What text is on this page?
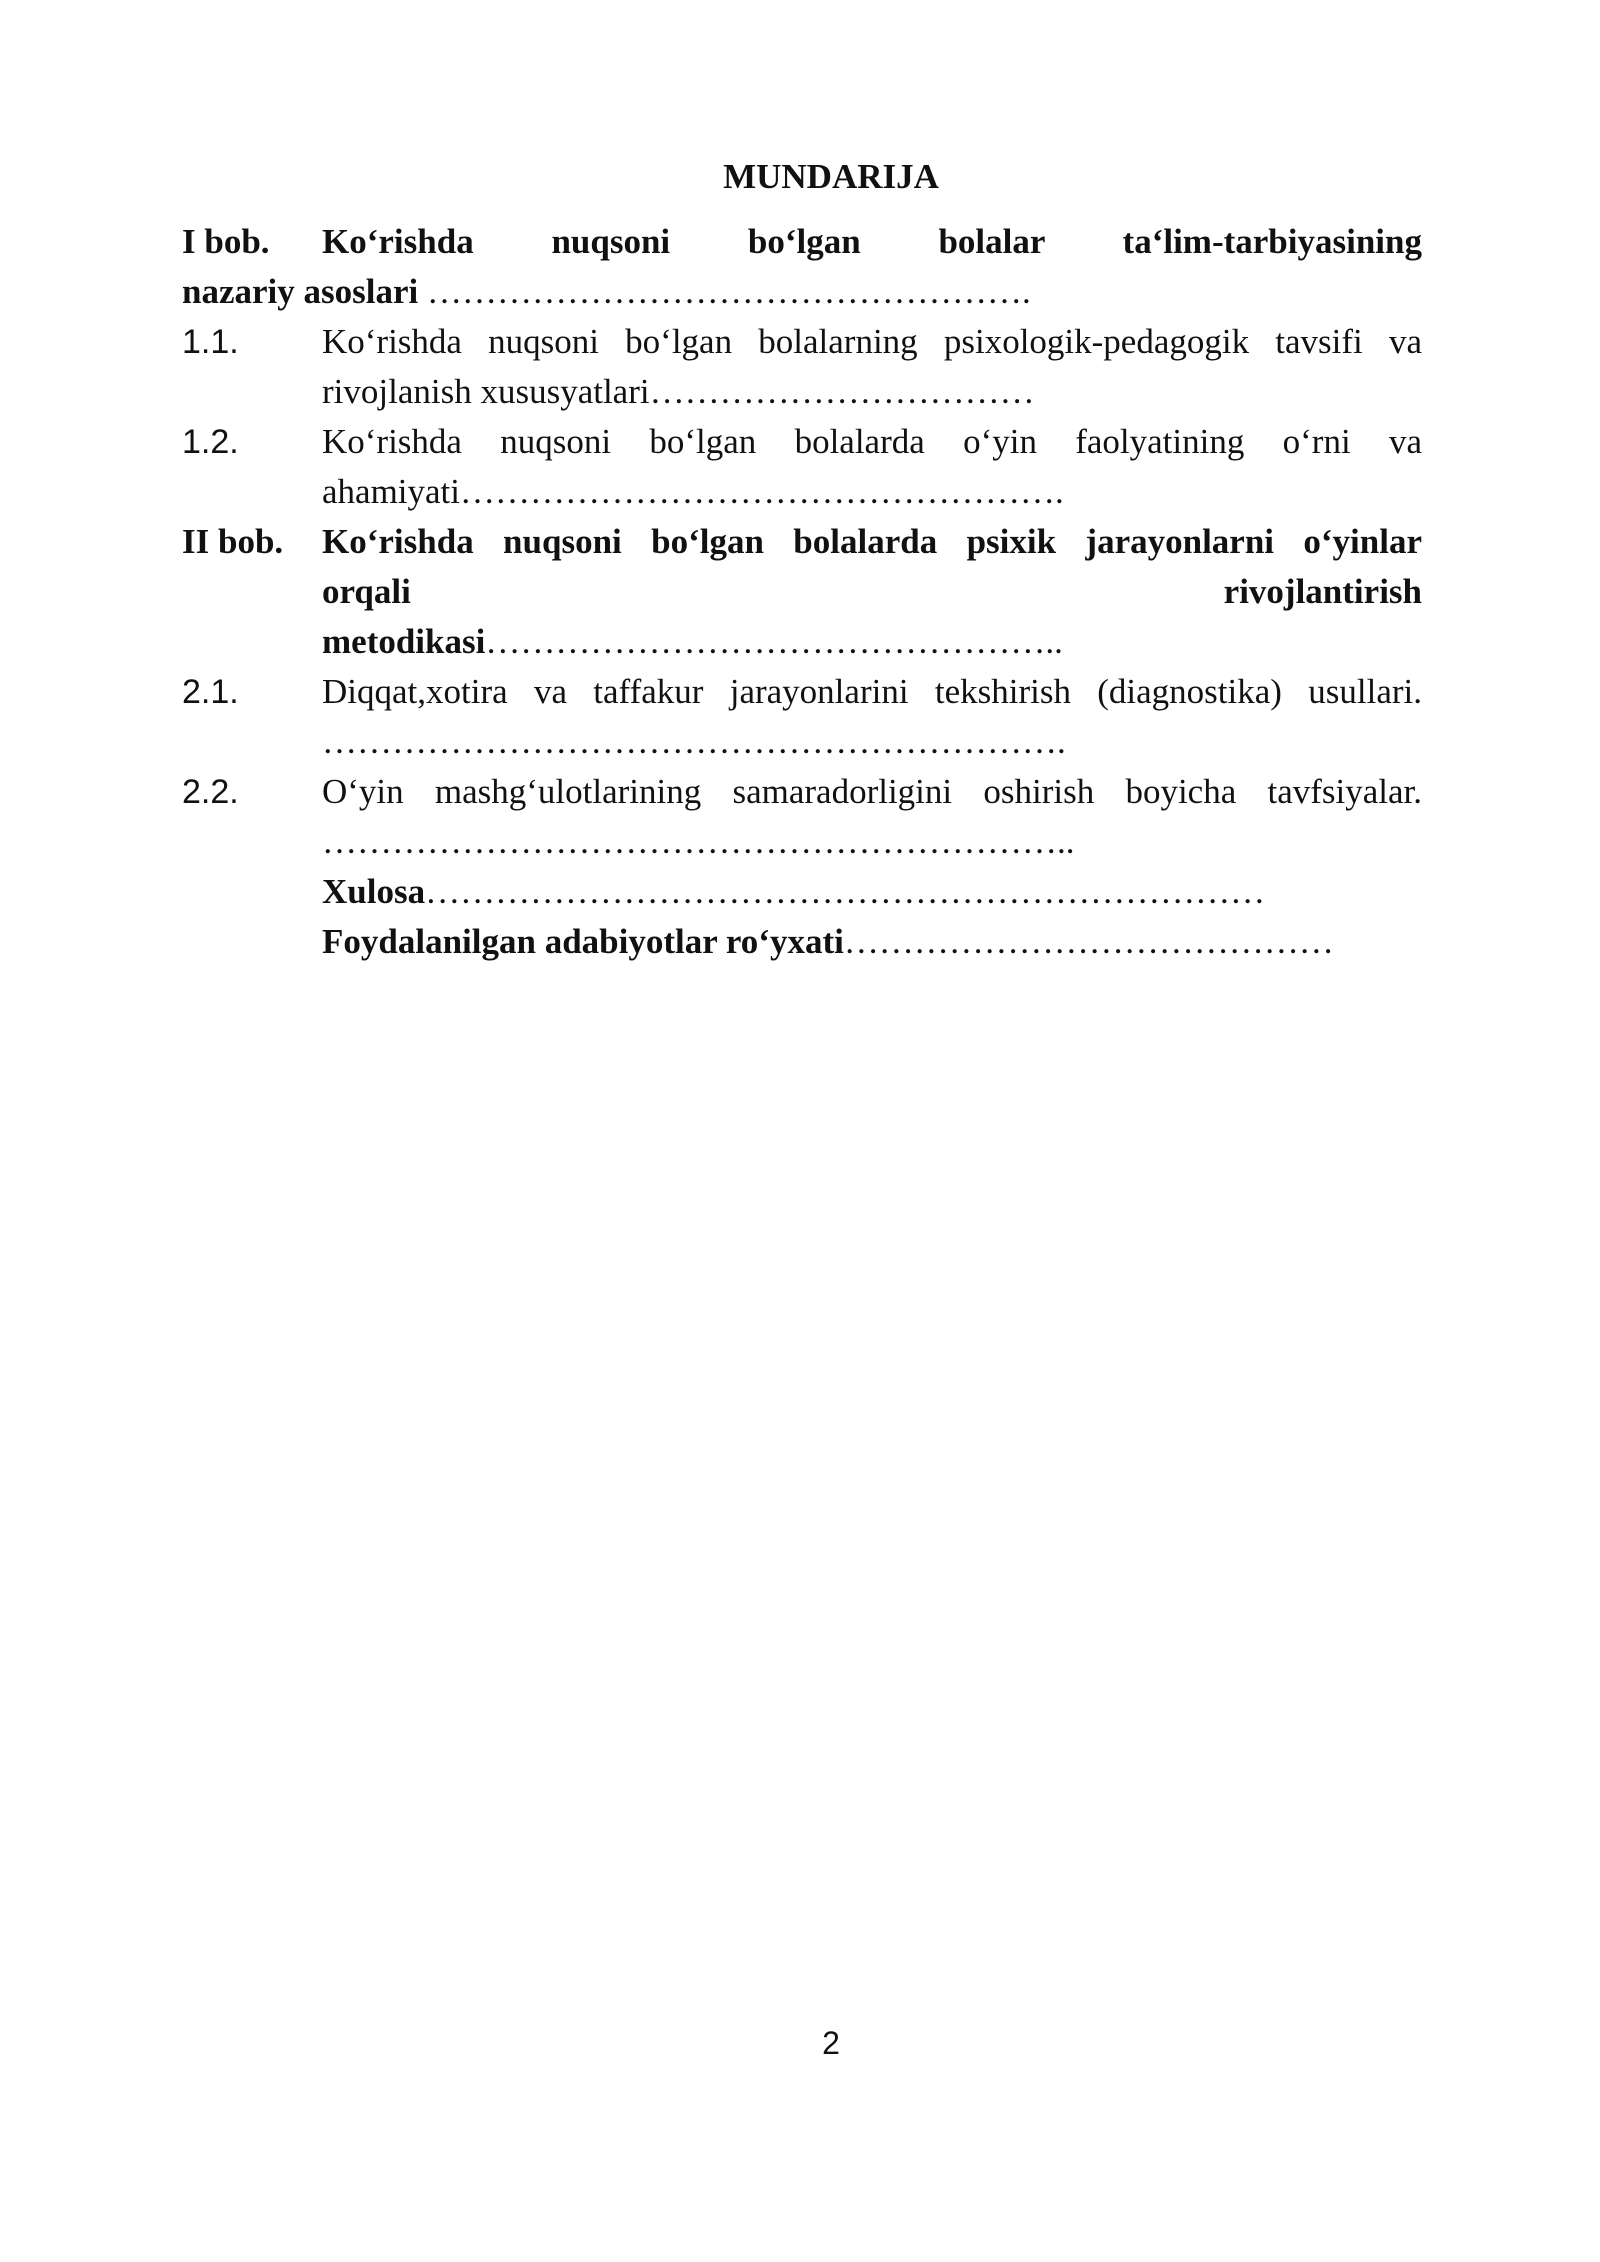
MUNDARIJA
I bob.	Ko‘rishda nuqsoni bo‘lgan bolalar ta‘lim-tarbiyasining
nazariy asoslari …………………………………………….
1.1.	Ko‘rishda nuqsoni bo‘lgan bolalarning psixologik-pedagogik tavsifi va
rivojlanish xususyatlari……………………………
1.2.	Ko‘rishda nuqsoni bo‘lgan bolalarda o‘yin faolyatining o‘rni va
ahamiyati…………………………………………….
II bob.	Ko‘rishda nuqsoni bo‘lgan bolalarda psixik jarayonlarni o‘yinlar
orqali	rivojlantirish
metodikasi…………………………………………..
2.1.	Diqqat,xotira va taffakur jarayonlarini tekshirish (diagnostika) usullari.
……………………………………………………….
2.2.	O‘yin mashg‘ulotlarining samaradorligini oshirish boyicha tavfsiyalar.
………………………………………………………..
Xulosa………………………………………………………………
Foydalanilgan adabiyotlar ro‘yxati……………………………………
2
